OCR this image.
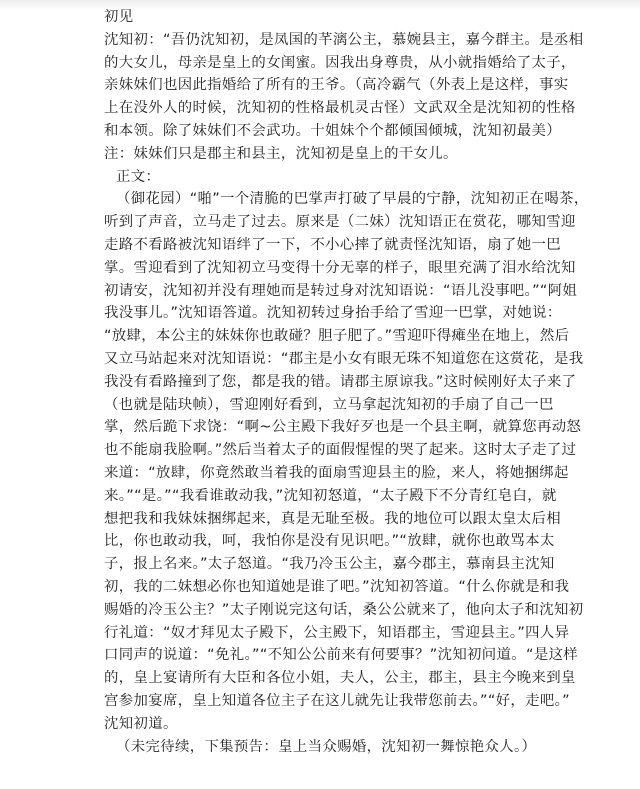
初见

沈知初：“吾仍沈知初，是凤国的芊漓公主，慕婉县主，嘉今群主。是丞相

的大女儿，母亲是皇上的女闺蜜。因我出身尊贵，从小就指婚给了太子，

亲妹妹们也因此指婚给了所有的王爷。（高冷霸气（外表上是这样，事实

上在没外人的时候，沈知初的性格最机灵古怪）文武双全是沈知初的性格

和本领。除了妹妹们不会武功。十姐妹个个都倾国倾城，沈知初最美）

注：妹妹们只是郡主和县主，沈知初是皇上的干女儿。

正文：

（御花园）“啪”一个清脆的巴掌声打破了早晨的宁静，沈知初正在喝茶，

听到了声音，立马走了过去。原来是（二妹）沈知语正在赏花，哪知雪迎

走路不看路被沈知语绊了一下，不小心摔了就责怪沈知语，扇了她一巴

掌。雪迎看到了沈知初立马变得十分无辜的样子，眼里充满了泪水给沈知

初请安，沈知初并没有理她而是转过身对沈知语说：“语儿没事吧。”“阿姐

我没事儿。”沈知语答道。沈知初转过身抬手给了雪迎一巴掌，对她说：

“放肆，本公主的妹妹你也敢碰？胆子肥了。”雪迎吓得瘫坐在地上，然后

又立马站起来对沈知语说：“郡主是小女有眼无珠不知道您在这赏花，是我

我没有看路撞到了您，都是我的错。请郡主原谅我。”这时候刚好太子来了

（也就是陆玦帧），雪迎刚好看到，立马拿起沈知初的手扇了自己一巴

掌，然后跪下求饶：“啊~公主殿下我好歹也是一个县主啊，就算您再动怒

也不能扇我脸啊。”然后当着太子的面假惺惺的哭了起来。这时太子走了过

来道：“放肆，你竟然敢当着我的面扇雪迎县主的脸，来人，将她捆绑起

来。”“是。”“我看谁敢动我，”沈知初怒道，“太子殿下不分青红皂白，就

想把我和我妹妹捆绑起来，真是无耻至极。我的地位可以跟太皇太后相

比，你也敢动我，呵，我怕你是没有见识吧。”“放肆，就你也敢骂本太

子，报上名来。”太子怒道。“我乃冷玉公主，嘉今郡主，慕南县主沈知

初，我的二妹想必你也知道她是谁了吧。”沈知初答道。“什么你就是和我

赐婚的冷玉公主？”太子刚说完这句话，桑公公就来了，他向太子和沈知初

行礼道：“奴才拜见太子殿下，公主殿下，知语郡主，雪迎县主。”四人异

口同声的说道：“免礼。”“不知公公前来有何要事？”沈知初问道。“是这样

的，皇上宴请所有大臣和各位小姐，夫人，公主，郡主，县主今晚来到皇

宫参加宴席，皇上知道各位主子在这儿就先让我带您前去。”“好，走吧。”

沈知初道。

（未完待续，下集预告：皇上当众赐婚，沈知初一舞惊艳众人。）
